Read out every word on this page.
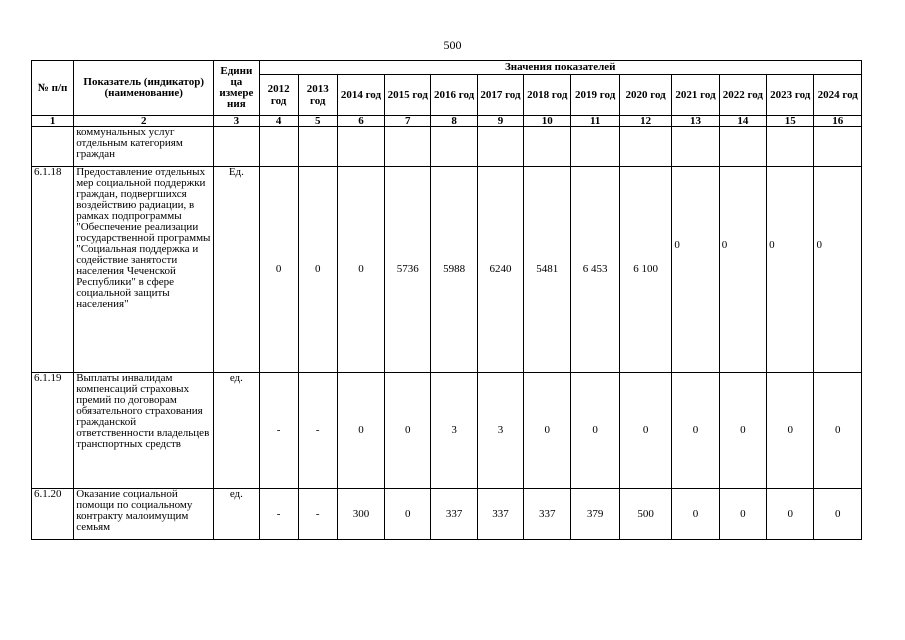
500
№ п/п	Показатель (индикатор) (наименование)	Едини ца измере ния	Значения показателей												
			2012 год	2013 год	2014 год	2015 год	2016 год	2017 год	2018 год	2019 год	2020 год	2021 год	2022 год	2023 год	2024 год
1	2	3	4	5	6	7	8	9	10	11	12	13	14	15	16
	коммунальных услуг отдельным категориям граждан														
6.1.18	Предоставление отдельных мер социальной поддержки граждан, подвергшихся воздействию радиации, в рамках подпрограммы "Обеспечение реализации государственной программы "Социальная поддержка и содействие занятости населения Чеченской Республики" в сфере социальной защиты населения"	Ед.	0	0	0	5736	5988	6240	5481	6 453	6 100	0	0	0	0
6.1.19	Выплаты инвалидам компенсаций страховых премий по договорам обязательного страхования гражданской ответственности владельцев транспортных средств	ед.	-	-	0	0	3	3	0	0	0	0	0	0	0
6.1.20	Оказание социальной помощи по социальному контракту малоимущим семьям	ед.	-	-	300	0	337	337	337	379	500	0	0	0	0
